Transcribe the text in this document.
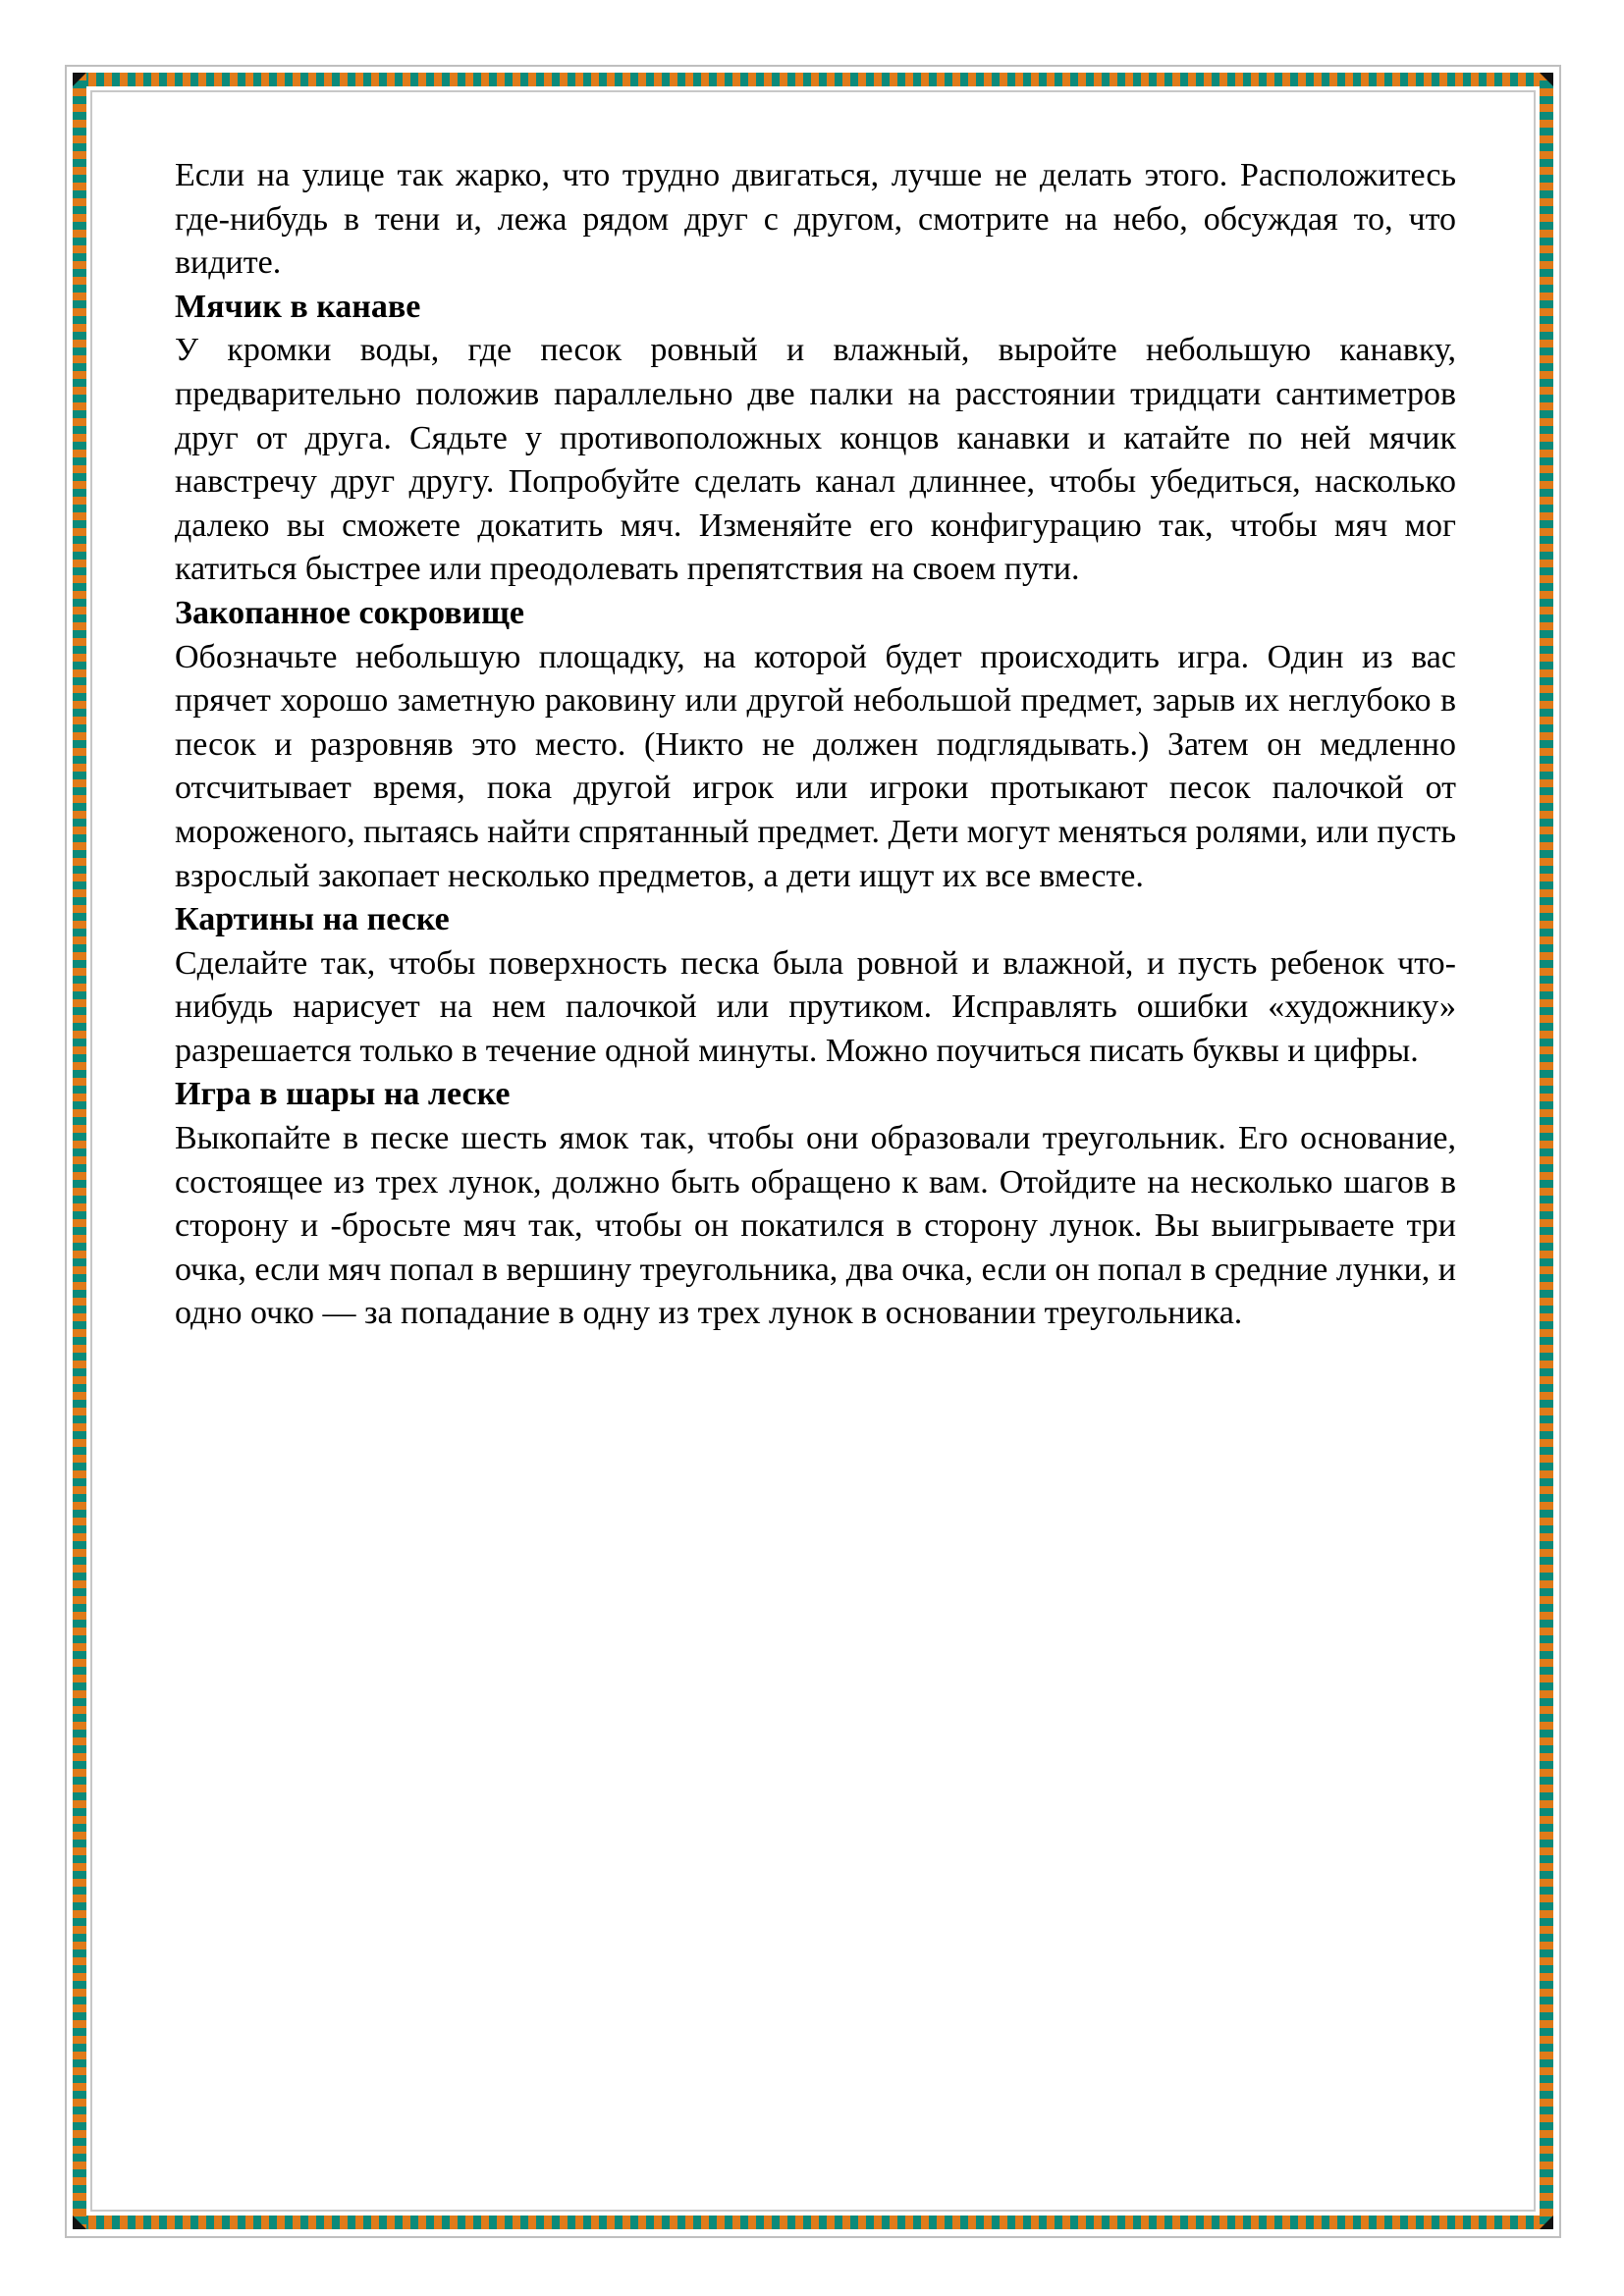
Если на улице так жарко, что трудно двигаться, лучше не делать этого. Расположитесь где-нибудь в тени и, лежа рядом друг с другом, смотрите на небо, обсуждая то, что видите.

Мячик в канаве

У кромки воды, где песок ровный и влажный, выройте небольшую канавку, предварительно положив параллельно две палки на расстоянии тридцати сантиметров друг от друга. Сядьте у противоположных концов канавки и катайте по ней мячик навстречу друг другу. Попробуйте сделать канал длиннее, чтобы убедиться, насколько далеко вы сможете докатить мяч. Изменяйте его конфигурацию так, чтобы мяч мог катиться быстрее или преодолевать препятствия на своем пути.

Закопанное сокровище

Обозначьте небольшую площадку, на которой будет происходить игра. Один из вас прячет хорошо заметную раковину или другой небольшой предмет, зарыв их неглубоко в песок и разровняв это место. (Никто не должен подглядывать.) Затем он медленно отсчитывает время, пока другой игрок или игроки протыкают песок палочкой от мороженого, пытаясь найти спрятанный предмет. Дети могут меняться ролями, или пусть взрослый закопает несколько предметов, а дети ищут их все вместе.

Картины на песке

Сделайте так, чтобы поверхность песка была ровной и влажной, и пусть ребенок что-нибудь нарисует на нем палочкой или прутиком. Исправлять ошибки «художнику» разрешается только в течение одной минуты. Можно поучиться писать буквы и цифры.

Игра в шары на леске

Выкопайте в песке шесть ямок так, чтобы они образовали треугольник. Его основание, состоящее из трех лунок, должно быть обращено к вам. Отойдите на несколько шагов в сторону и -бросьте мяч так, чтобы он покатился в сторону лунок. Вы выигрываете три очка, если мяч попал в вершину треугольника, два очка, если он попал в средние лунки, и одно очко — за попадание в одну из трех лунок в основании треугольника.
